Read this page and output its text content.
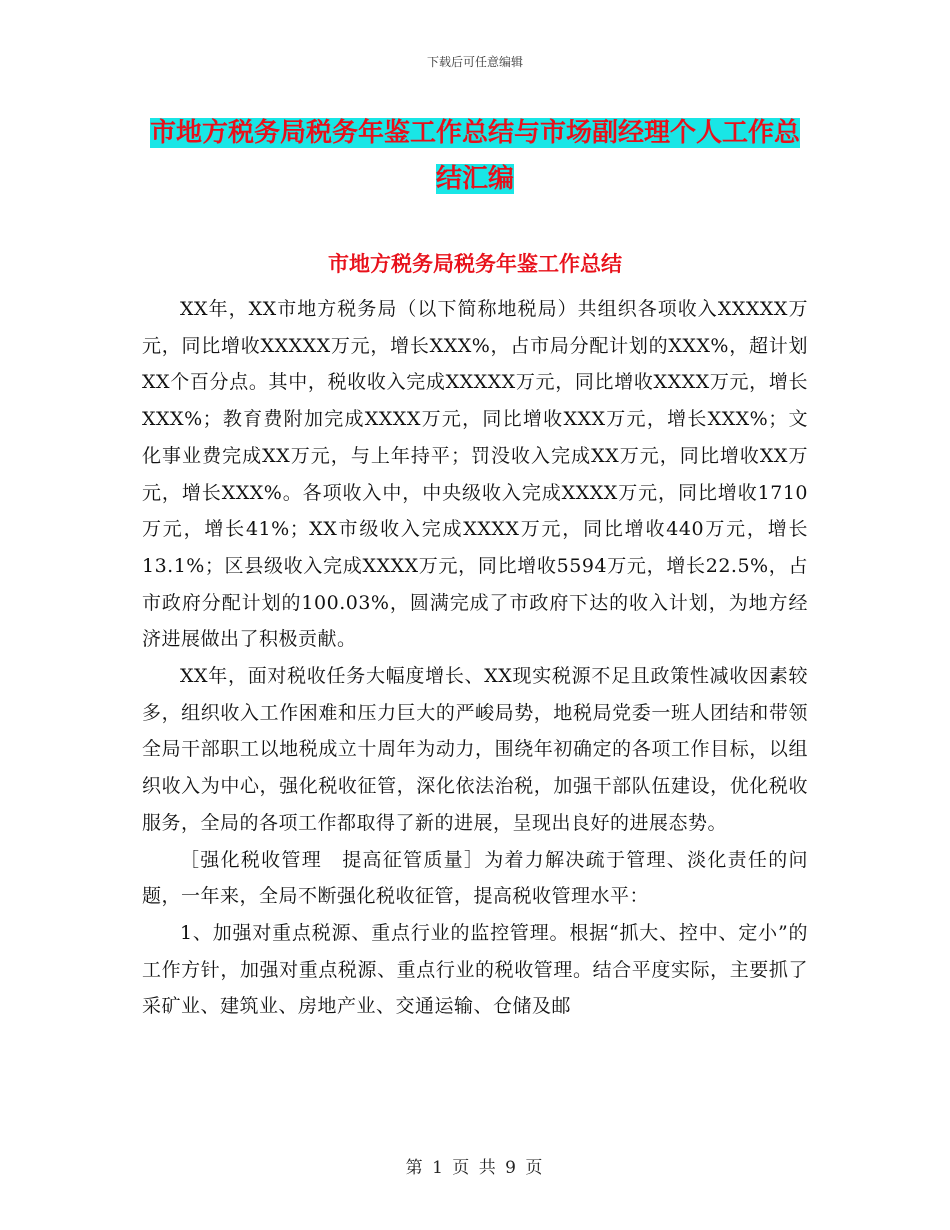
下载后可任意编辑
市地方税务局税务年鉴工作总结与市场副经理个人工作总结汇编
市地方税务局税务年鉴工作总结

XX年，XX市地方税务局（以下简称地税局）共组织各项收入XXXXX万元，同比增收XXXXX万元，增长XXX%，占市局分配计划的XXX%，超计划XX个百分点。其中，税收收入完成XXXXX万元，同比增收XXXX万元，增长XXX%；教育费附加完成XXXX万元，同比增收XXX万元，增长XXX%；文化事业费完成XX万元，与上年持平；罚没收入完成XX万元，同比增收XX万元，增长XXX%。各项收入中，中央级收入完成XXXX万元，同比增收1710万元，增长41%；XX市级收入完成XXXX万元，同比增收440万元，增长13.1%；区县级收入完成XXXX万元，同比增收5594万元，增长22.5%，占市政府分配计划的100.03%，圆满完成了市政府下达的收入计划，为地方经济进展做出了积极贡献。

XX年，面对税收任务大幅度增长、XX现实税源不足且政策性减收因素较多，组织收入工作困难和压力巨大的严峻局势，地税局党委一班人团结和带领全局干部职工以地税成立十周年为动力，围绕年初确定的各项工作目标，以组织收入为中心，强化税收征管，深化依法治税，加强干部队伍建设，优化税收服务，全局的各项工作都取得了新的进展，呈现出良好的进展态势。

［强化税收管理　提高征管质量］为着力解决疏于管理、淡化责任的问题，一年来，全局不断强化税收征管，提高税收管理水平：

1、加强对重点税源、重点行业的监控管理。根据“抓大、控中、定小”的工作方针，加强对重点税源、重点行业的税收管理。结合平度实际，主要抓了采矿业、建筑业、房地产业、交通运输、仓储及邮

第 1 页 共 9 页
